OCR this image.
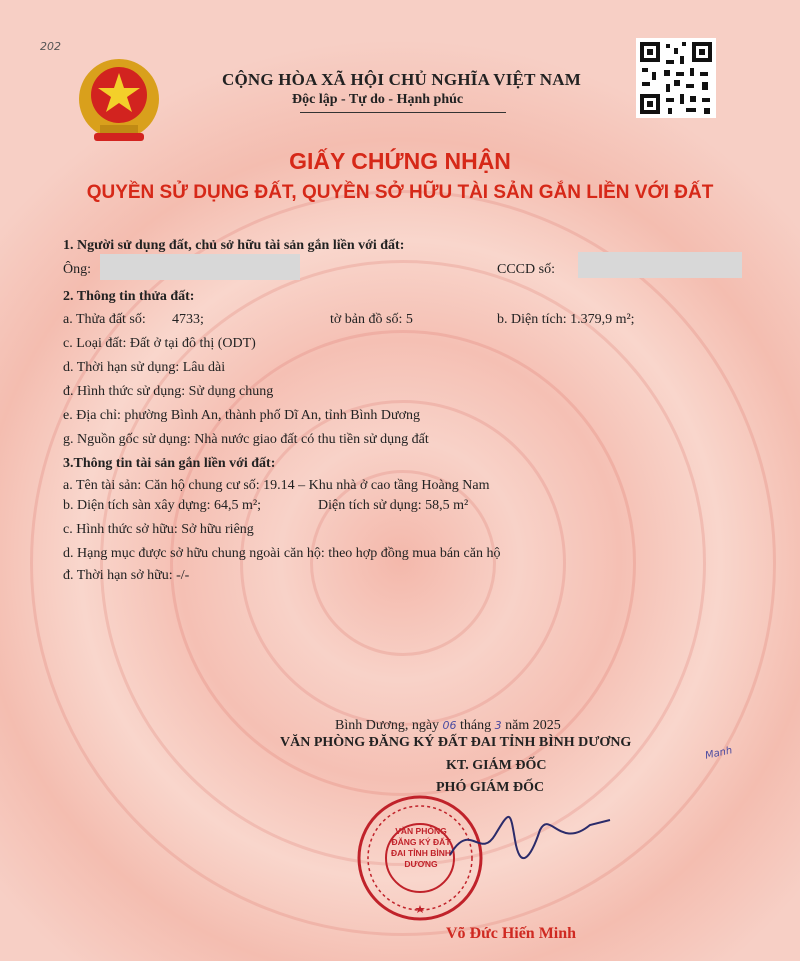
202
CỘNG HÒA XÃ HỘI CHỦ NGHĨA VIỆT NAM
Độc lập - Tự do - Hạnh phúc
GIẤY CHỨNG NHẬN
QUYỀN SỬ DỤNG ĐẤT, QUYỀN SỞ HỮU TÀI SẢN GẮN LIỀN VỚI ĐẤT
1. Người sử dụng đất, chủ sở hữu tài sản gắn liền với đất:
Ông:	CCCD số:
2. Thông tin thửa đất:
a. Thửa đất số: 4733;	tờ bản đồ số: 5	b. Diện tích: 1.379,9 m²;
c. Loại đất: Đất ở tại đô thị (ODT)
d. Thời hạn sử dụng: Lâu dài
đ. Hình thức sử dụng: Sử dụng chung
e. Địa chỉ: phường Bình An, thành phố Dĩ An, tỉnh Bình Dương
g. Nguồn gốc sử dụng: Nhà nước giao đất có thu tiền sử dụng đất
3.Thông tin tài sản gắn liền với đất:
a. Tên tài sản: Căn hộ chung cư số: 19.14 – Khu nhà ở cao tầng Hoàng Nam
b. Diện tích sàn xây dựng: 64,5 m²;	Diện tích sử dụng: 58,5 m²
c. Hình thức sở hữu: Sở hữu riêng
d. Hạng mục được sở hữu chung ngoài căn hộ: theo hợp đồng mua bán căn hộ
đ. Thời hạn sở hữu: -/-
Bình Dương, ngày 06 tháng 3 năm 2025
VĂN PHÒNG ĐĂNG KÝ ĐẤT ĐAI TỈNH BÌNH DƯƠNG
KT. GIÁM ĐỐC
PHÓ GIÁM ĐỐC
Manh
VĂN PHÒNG ĐĂNG KÝ ĐẤT ĐAI TỈNH BÌNH DƯƠNG
Võ Đức Hiến Minh
